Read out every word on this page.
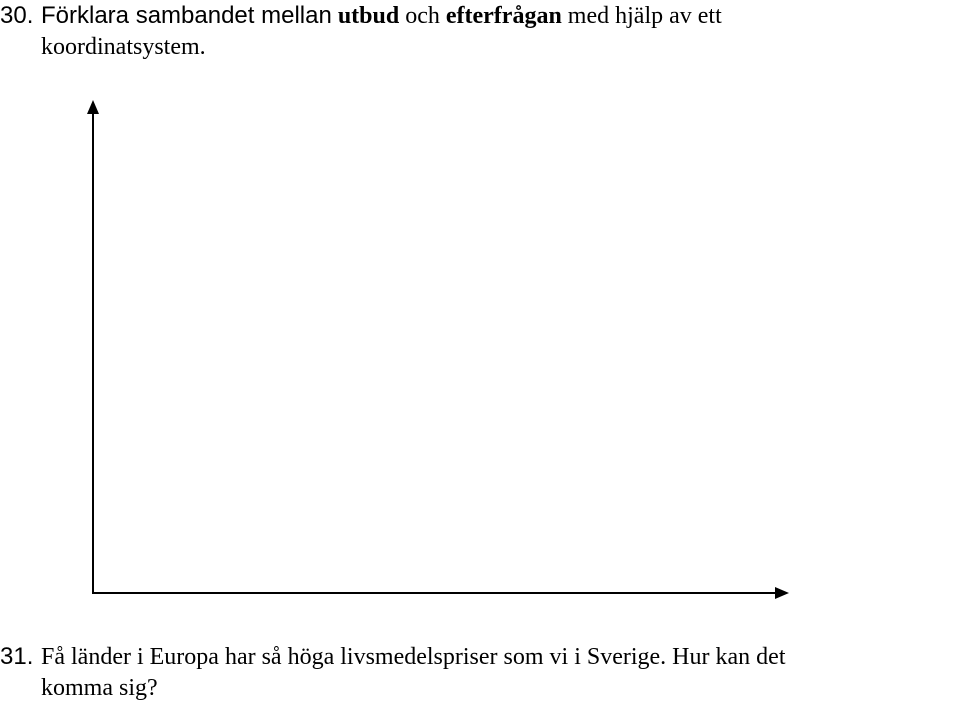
30. Förklara sambandet mellan utbud och efterfrågan med hjälp av ett
koordinatsystem.
31. Få länder i Europa har så höga livsmedelspriser som vi i Sverige. Hur kan det
komma sig?
